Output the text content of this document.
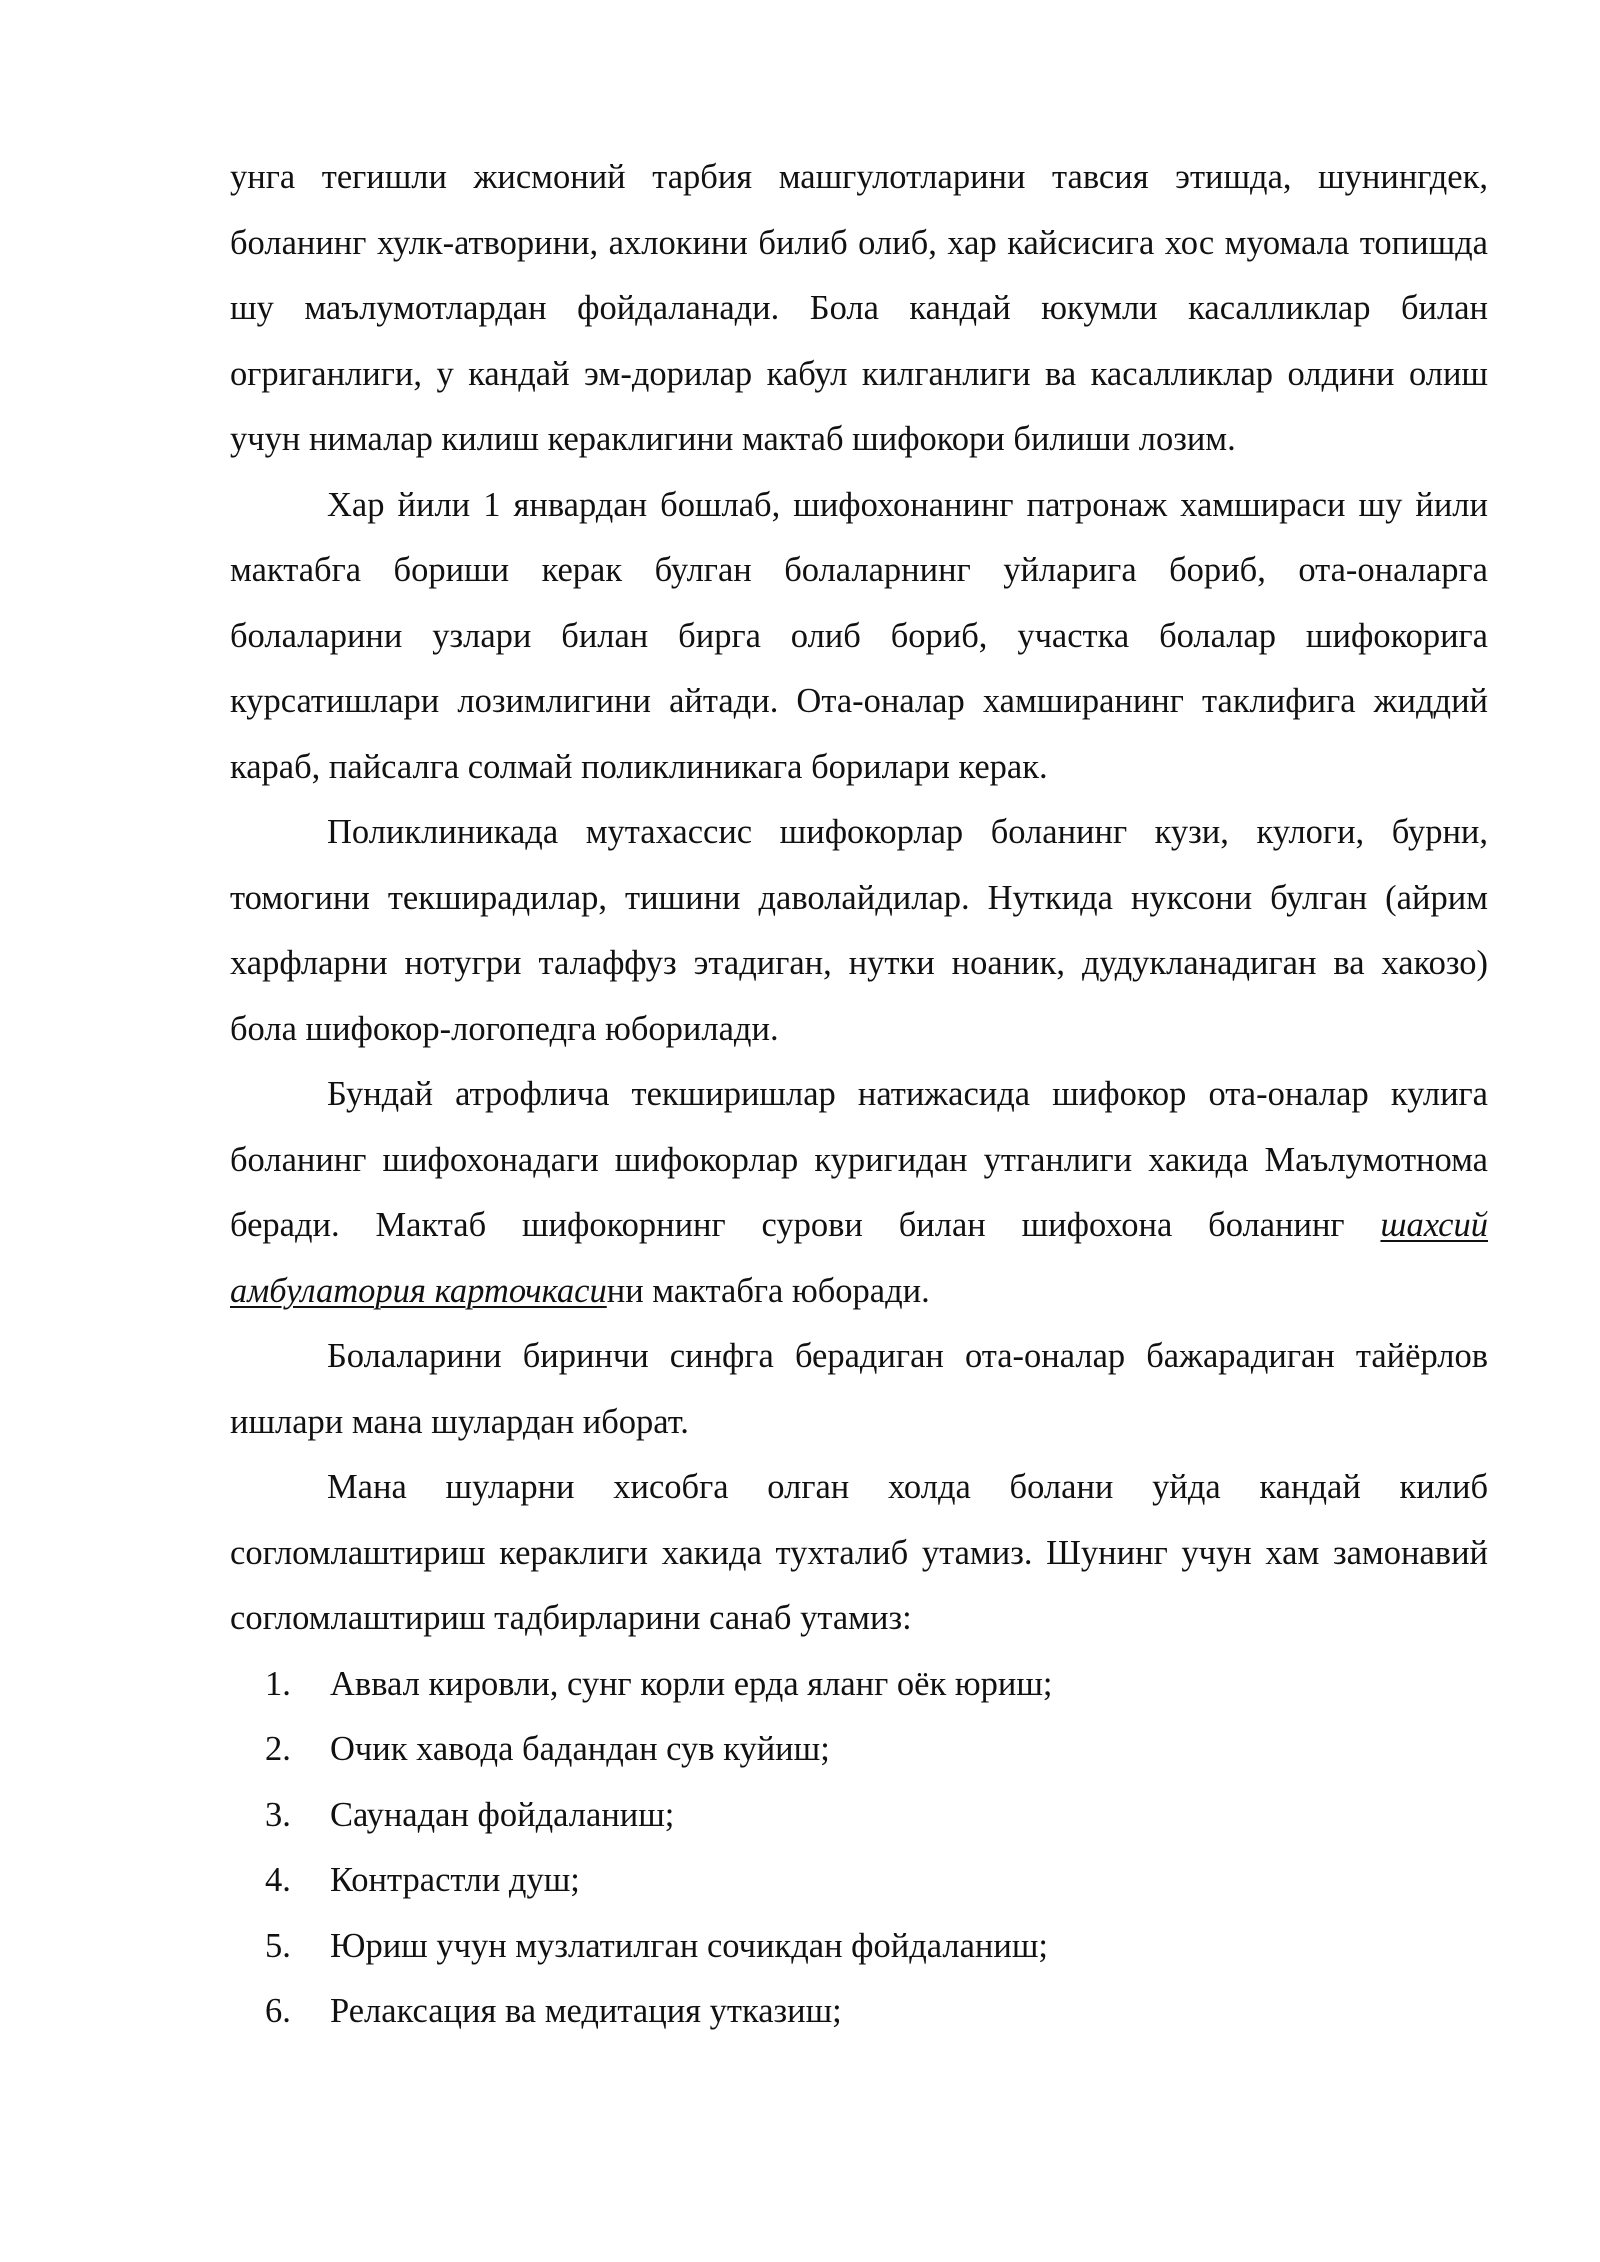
унга тегишли жисмоний тарбия машгулотларини тавсия этишда, шунингдек, боланинг хулк-атворини, ахлокини билиб олиб, хар кайсисига хос муомала топишда шу маълумотлардан фойдаланади. Бола кандай юкумли касалликлар билан огриганлиги, у кандай эм-дорилар кабул килганлиги ва касалликлар олдини олиш учун нималар килиш кераклигини мактаб шифокори билиши лозим.

Хар йили 1 январдан бошлаб, шифохонанинг патронаж хамшираси шу йили мактабга бориши керак булган болаларнинг уйларига бориб, ота-оналарга болаларини узлари билан бирга олиб бориб, участка болалар шифокорига курсатишлари лозимлигини айтади. Ота-оналар хамширанинг таклифига жиддий караб, пайсалга солмай поликлиникага борилари керак.

Поликлиникада мутахассис шифокорлар боланинг кузи, кулоги, бурни, томогини текширадилар, тишини даволайдилар. Нуткида нуксони булган (айрим харфларни нотугри талаффуз этадиган, нутки ноаник, дудукланадиган ва хакозо) бола шифокор-логопедга юборилади.

Бундай атрофлича текширишлар натижасида шифокор ота-оналар кулига боланинг шифохонадаги шифокорлар куригидан утганлиги хакида Маълумотнома беради. Мактаб шифокорнинг сурови билан шифохона боланинг шахсий амбулатория карточкасини мактабга юборади.

Болаларини биринчи синфга берадиган ота-оналар бажарадиган тайёрлов ишлари мана шулардан иборат.

Мана шуларни хисобга олган холда болани уйда кандай килиб согломлаштириш кераклиги хакида тухталиб утамиз. Шунинг учун хам замонавий согломлаштириш тадбирларини санаб утамиз:

1.	Аввал кировли, сунг корли ерда яланг оёк юриш;
2.	Очик хавода бадандан сув куйиш;
3.	Саунадан фойдаланиш;
4.	Контрастли душ;
5.	Юриш учун музлатилган сочикдан фойдаланиш;
6.	Релаксация ва медитация утказиш;
